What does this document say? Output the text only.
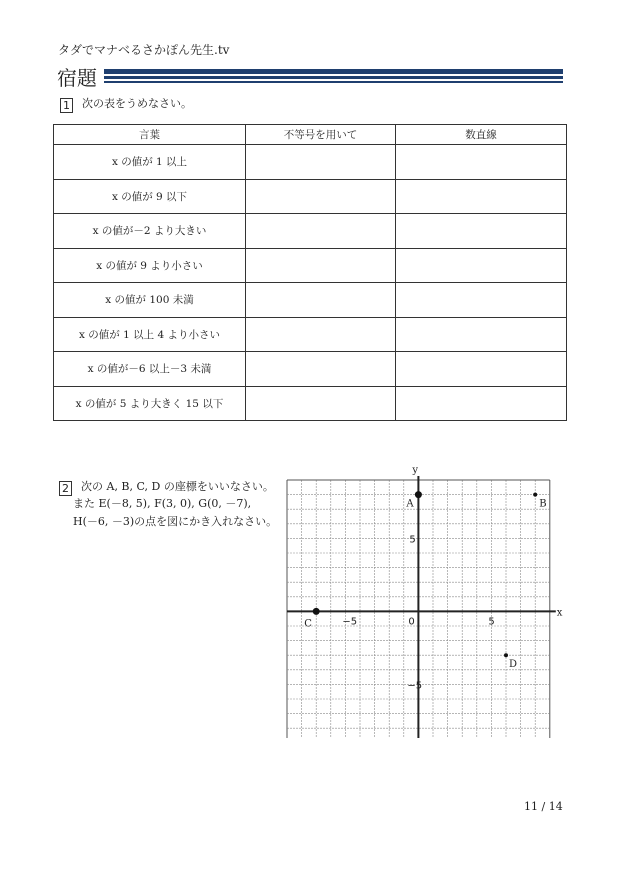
タダでマナベるさかぽん先生.tv
宿題
1 次の表をうめなさい。
言葉	不等号を用いて	数直線
x の値が 1 以上		
x の値が 9 以下		
x の値が－2 より大きい		
x の値が 9 より小さい		
x の値が 100 未満		
x の値が 1 以上 4 より小さい		
x の値が－6 以上－3 未満		
x の値が 5 より大きく 15 以下		
2 次の A, B, C, D の座標をいいなさい。
また E(－8, 5), F(3, 0), G(0, －7),
H(－6, －3)の点を図にかき入れなさい。
x
y
0
−5	5
5
−5
A	B
C
D
11 / 14
